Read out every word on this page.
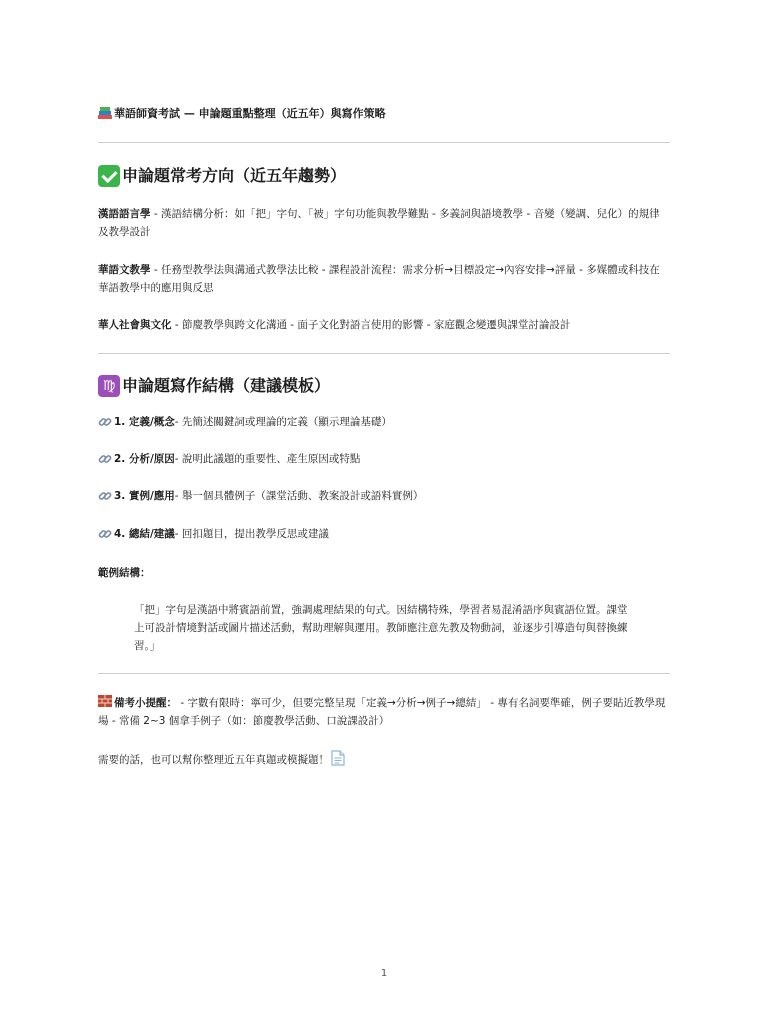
華語師資考試 — 申論題重點整理（近五年）與寫作策略
申論題常考方向（近五年趨勢）
漢語語言學 - 漢語結構分析：如「把」字句、「被」字句功能與教學難點 - 多義詞與語境教學 - 音變（變調、兒化）的規律及教學設計
華語文教學 - 任務型教學法與溝通式教學法比較 - 課程設計流程：需求分析→目標設定→內容安排→評量 - 多媒體或科技在華語教學中的應用與反思
華人社會與文化 - 節慶教學與跨文化溝通 - 面子文化對語言使用的影響 - 家庭觀念變遷與課堂討論設計
♍ 申論題寫作結構（建議模板）
1. 定義/概念 - 先簡述關鍵詞或理論的定義（顯示理論基礎）
2. 分析/原因 - 說明此議題的重要性、產生原因或特點
3. 實例/應用 - 舉一個具體例子（課堂活動、教案設計或語料實例）
4. 總結/建議 - 回扣題目，提出教學反思或建議
範例結構：
「把」字句是漢語中將賓語前置，強調處理結果的句式。因結構特殊，學習者易混淆語序與賓語位置。課堂上可設計情境對話或圖片描述活動，幫助理解與運用。教師應注意先教及物動詞，並逐步引導造句與替換練習。」
備考小提醒： - 字數有限時：寧可少，但要完整呈現「定義→分析→例子→總結」 - 專有名詞要準確，例子要貼近教學現場 - 常備 2~3 個拿手例子（如：節慶教學活動、口說課設計）
需要的話，也可以幫你整理近五年真題或模擬題！
1
